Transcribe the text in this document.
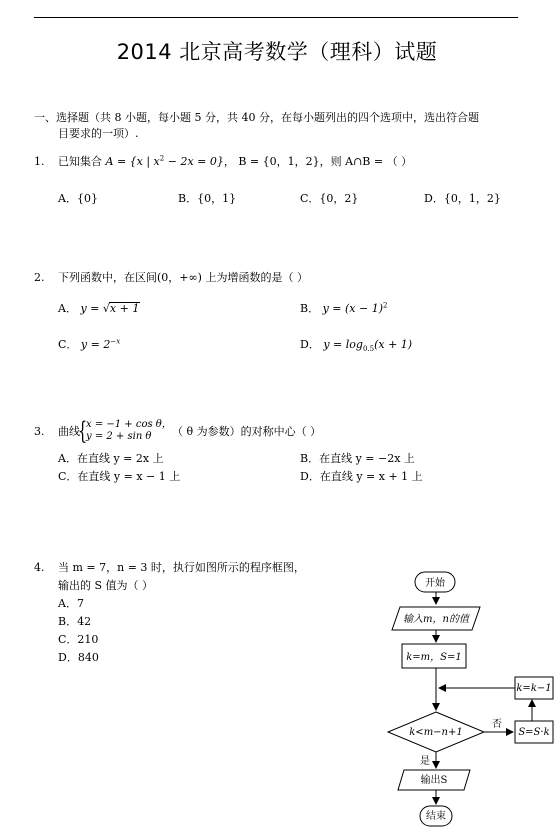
2014 北京高考数学（理科）试题
一、选择题（共 8 小题，每小题 5 分，共 40 分，在每小题列出的四个选项中，选出符合题
目要求的一项）.
1. 已知集合 A = {x | $x^2 - 2x = 0$}， B = {0，1，2}，则 A∩B = （ ）
A．{0}	B．{0，1}	C．{0，2}	D．{0，1，2}
2. 下列函数中，在区间(0，+∞) 上为增函数的是（ ）
A． y = √x + 1	B． $y = (x - 1)^2$
C． $y = 2^{-x}$	D． $y = \log_{0.5}(x + 1)$
3. 曲线
{
x = −1 + cos θ，
y = 2 + sin θ （ θ 为参数）的对称中心（ ）
A．在直线 y = 2x 上	B．在直线 y = −2x 上
C．在直线 y = x − 1 上	D．在直线 y = x + 1 上
4. 当 m = 7，n = 3 时，执行如图所示的程序框图，
输出的 S 值为（ ）
A．7
B．42
C．210
D．840
开始
输入m，n的值
k=m，S=1
k<m−n+1
否
S=S·k
k=k−1
是
输出S
结束
